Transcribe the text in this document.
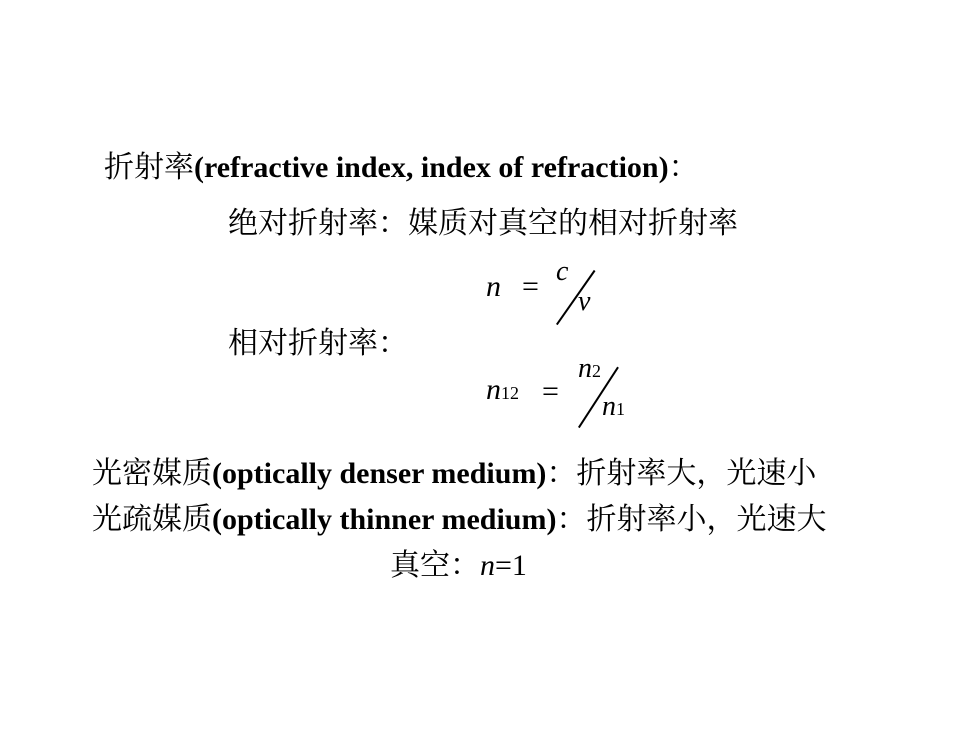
折射率(refractive index, index of refraction)：
绝对折射率：媒质对真空的相对折射率
n = c
v
相对折射率：
n12 =
n2
n1
光密媒质(optically denser medium)：折射率大，光速小
光疏媒质(optically thinner medium)：折射率小，光速大
真空：n=1
